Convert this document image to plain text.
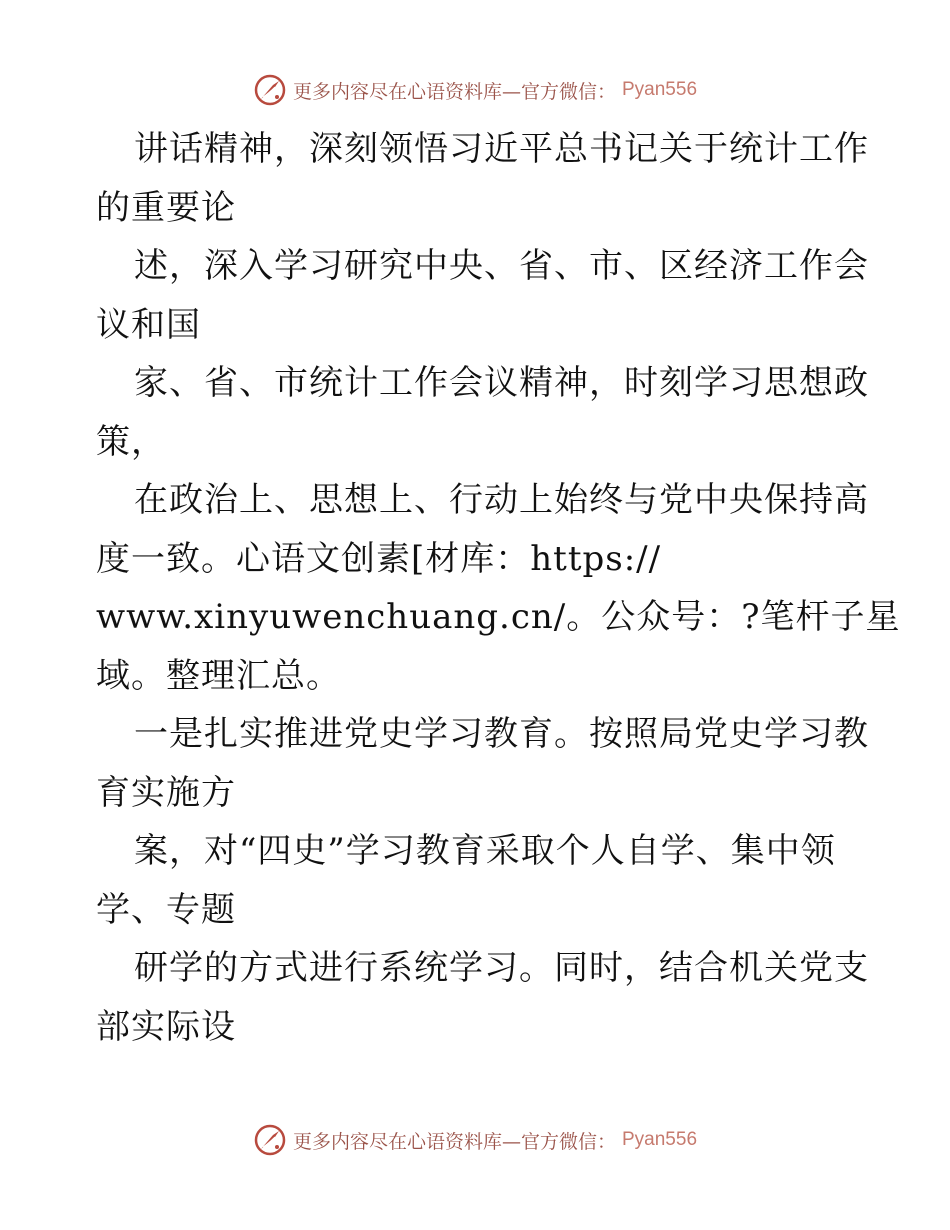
更多内容尽在心语资料库—官方微信： Pyan556
讲话精神，深刻领悟习近平总书记关于统计工作
的重要论
述，深入学习研究中央、省、市、区经济工作会
议和国
家、省、市统计工作会议精神，时刻学习思想政
策，
在政治上、思想上、行动上始终与党中央保持高
度一致。心语文创素[材库：https://
www.xinyuwenchuang.cn/。公众号：?笔杆子星
域。整理汇总。
一是扎实推进党史学习教育。按照局党史学习教
育实施方
案，对“四史”学习教育采取个人自学、集中领
学、专题
研学的方式进行系统学习。同时，结合机关党支
部实际设
更多内容尽在心语资料库—官方微信： Pyan556
